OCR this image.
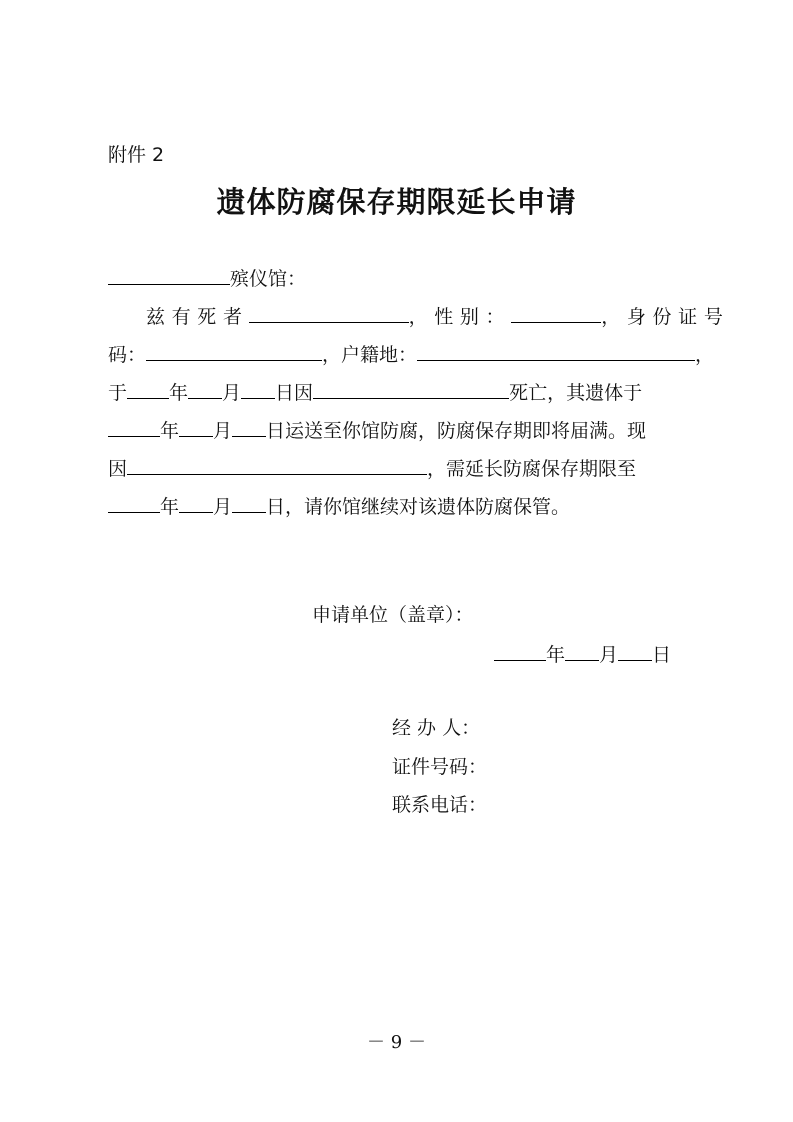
附件 2
遗体防腐保存期限延长申请
殡仪馆：
兹有死者	，性别：	，身份证号
码：	，户籍地：	，
于 年 月 日因	死亡，其遗体于
年 月 日运送至你馆防腐，防腐保存期即将届满。现
因	，需延长防腐保存期限至
年 月 日，请你馆继续对该遗体防腐保管。
申请单位（盖章）：
年 月 日
经 办 人：
证件号码：
联系电话：
－ 9 －
